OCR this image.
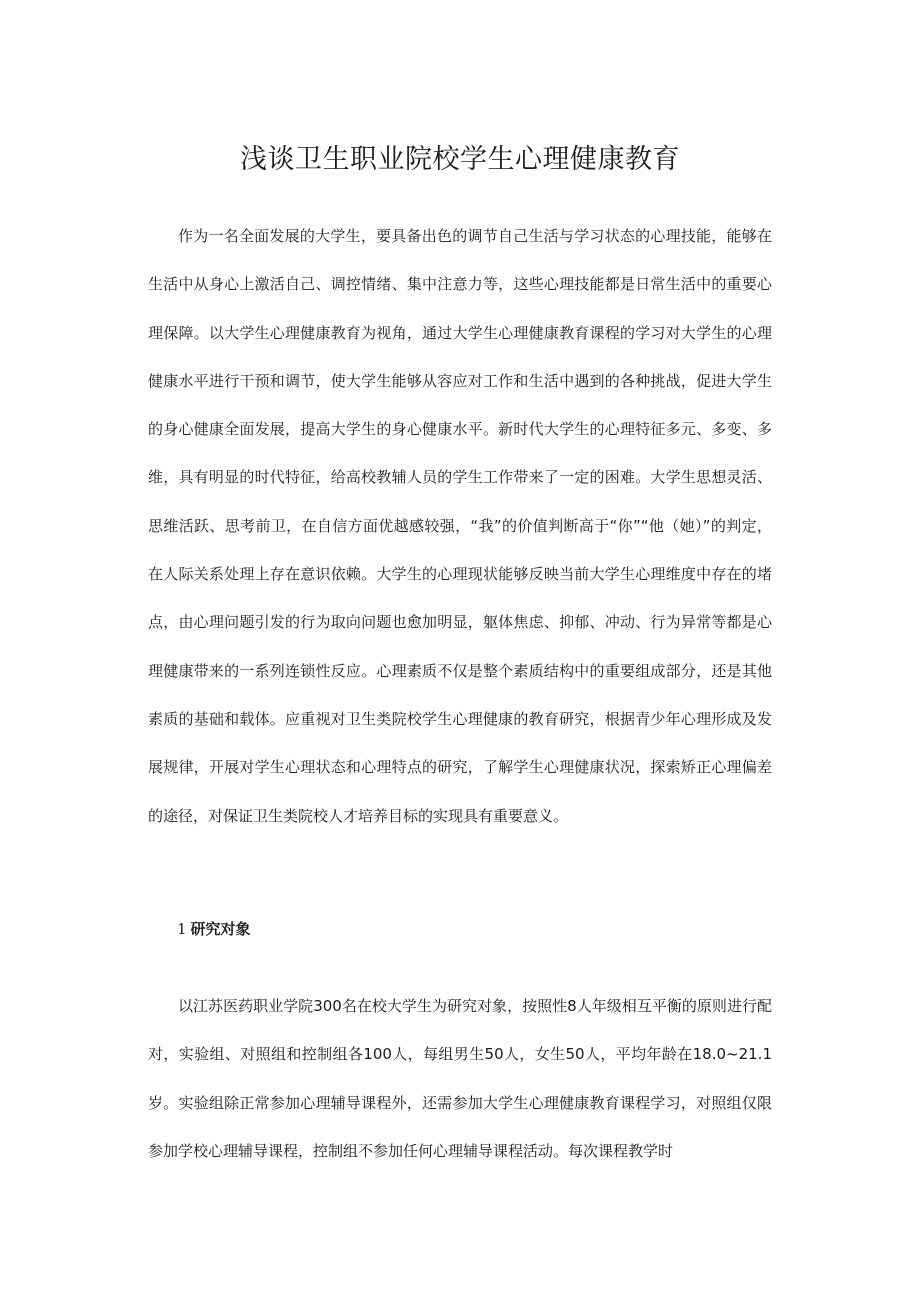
浅谈卫生职业院校学生心理健康教育

作为一名全面发展的大学生，要具备出色的调节自己生活与学习状态的心理技能，能够在生活中从身心上激活自己、调控情绪、集中注意力等，这些心理技能都是日常生活中的重要心理保障。以大学生心理健康教育为视角，通过大学生心理健康教育课程的学习对大学生的心理健康水平进行干预和调节，使大学生能够从容应对工作和生活中遇到的各种挑战，促进大学生的身心健康全面发展，提高大学生的身心健康水平。新时代大学生的心理特征多元、多变、多维，具有明显的时代特征，给高校教辅人员的学生工作带来了一定的困难。大学生思想灵活、思维活跃、思考前卫，在自信方面优越感较强，“我”的价值判断高于“你”“他（她）”的判定，在人际关系处理上存在意识依赖。大学生的心理现状能够反映当前大学生心理维度中存在的堵点，由心理问题引发的行为取向问题也愈加明显，躯体焦虑、抑郁、冲动、行为异常等都是心理健康带来的一系列连锁性反应。心理素质不仅是整个素质结构中的重要组成部分，还是其他素质的基础和载体。应重视对卫生类院校学生心理健康的教育研究，根据青少年心理形成及发展规律，开展对学生心理状态和心理特点的研究，了解学生心理健康状况，探索矫正心理偏差的途径，对保证卫生类院校人才培养目标的实现具有重要意义。

1 研究对象

以江苏医药职业学院300名在校大学生为研究对象，按照性8人年级相互平衡的原则进行配对，实验组、对照组和控制组各100人，每组男生50人，女生50人，平均年龄在18.0~21.1岁。实验组除正常参加心理辅导课程外，还需参加大学生心理健康教育课程学习，对照组仅限参加学校心理辅导课程，控制组不参加任何心理辅导课程活动。每次课程教学时
